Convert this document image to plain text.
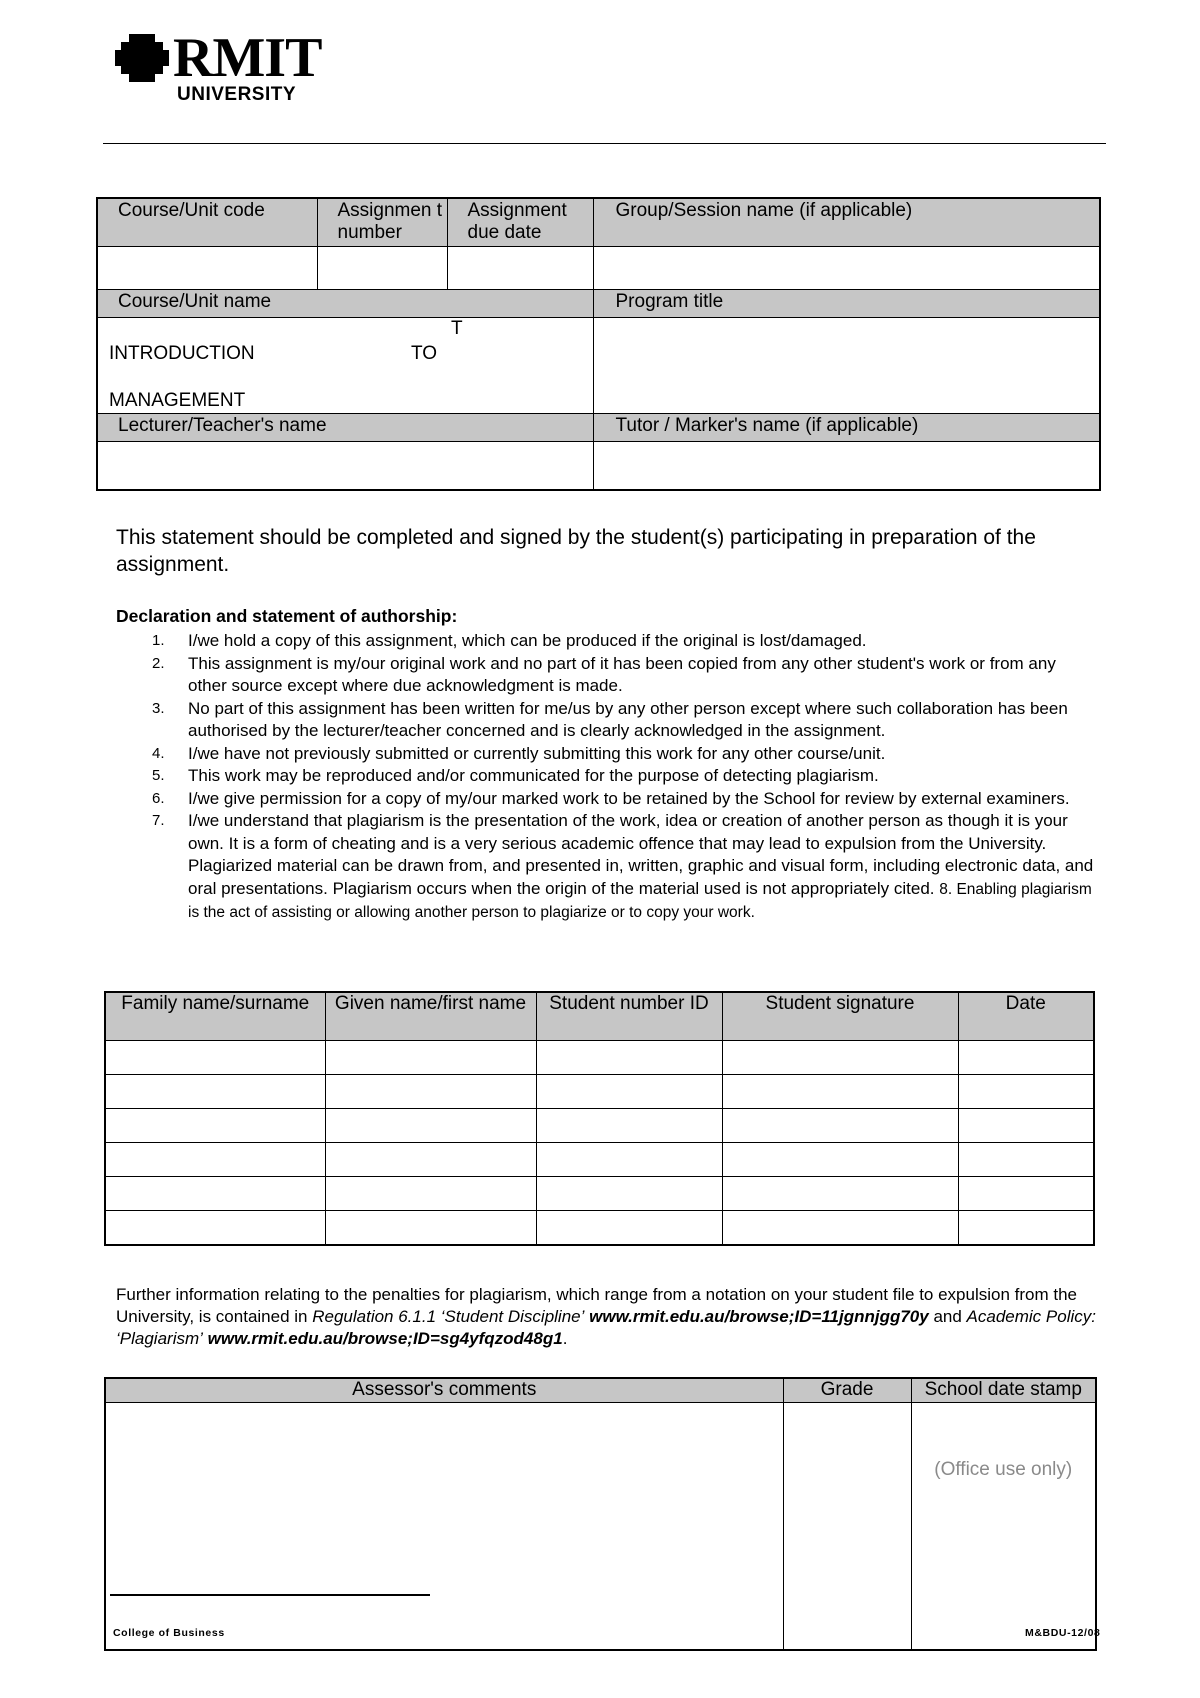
RMIT
UNIVERSITY
Course/Unit code	Assignmen t number	Assignment due date	Group/Session name (if applicable)

Course/Unit name			Program title

T
INTRODUCTION TO
MANAGEMENT			

Lecturer/Teacher's name			Tutor / Marker's name (if applicable)

This statement should be completed and signed by the student(s) participating in preparation of the assignment.
Declaration and statement of authorship:
1. I/we hold a copy of this assignment, which can be produced if the original is lost/damaged.
2. This assignment is my/our original work and no part of it has been copied from any other student's work or from any other source except where due acknowledgment is made.
3. No part of this assignment has been written for me/us by any other person except where such collaboration has been authorised by the lecturer/teacher concerned and is clearly acknowledged in the assignment.
4. I/we have not previously submitted or currently submitting this work for any other course/unit.
5. This work may be reproduced and/or communicated for the purpose of detecting plagiarism.
6. I/we give permission for a copy of my/our marked work to be retained by the School for review by external examiners.
7. I/we understand that plagiarism is the presentation of the work, idea or creation of another person as though it is your own. It is a form of cheating and is a very serious academic offence that may lead to expulsion from the University. Plagiarized material can be drawn from, and presented in, written, graphic and visual form, including electronic data, and oral presentations. Plagiarism occurs when the origin of the material used is not appropriately cited. 8. Enabling plagiarism is the act of assisting or allowing another person to plagiarize or to copy your work.
Family name/surname	Given name/first name	Student number ID	Student signature	Date

Further information relating to the penalties for plagiarism, which range from a notation on your student file to expulsion from the University, is contained in Regulation 6.1.1 ‘Student Discipline’ www.rmit.edu.au/browse;ID=11jgnnjgg70y and Academic Policy: ‘Plagiarism’ www.rmit.edu.au/browse;ID=sg4yfqzod48g1.
Assessor's comments	Grade	School date stamp
		(Office use only)
College of Business	M&BDU-12/08
